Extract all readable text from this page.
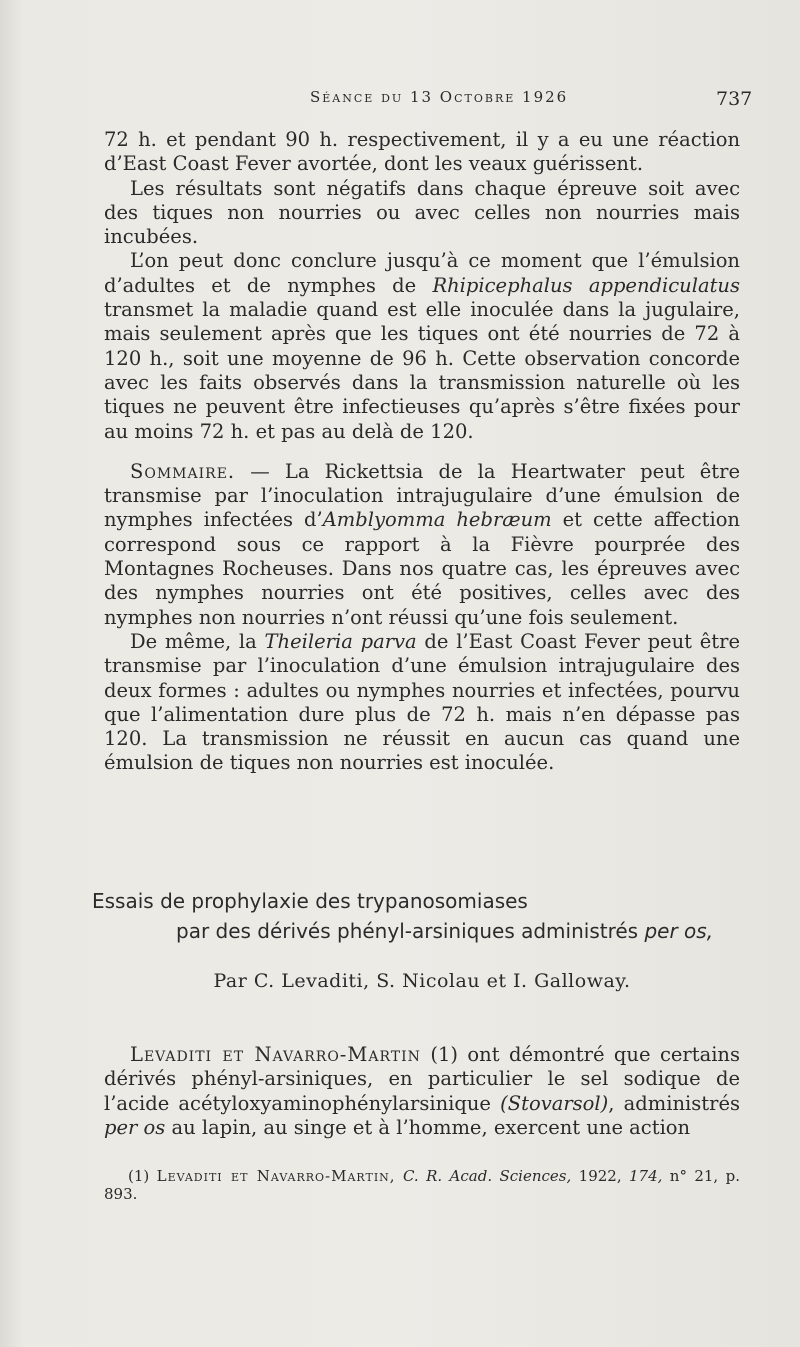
Séance du 13 Octobre 1926	737

72 h. et pendant 90 h. respectivement, il y a eu une réaction d’East Coast Fever avortée, dont les veaux guérissent.

Les résultats sont négatifs dans chaque épreuve soit avec des tiques non nourries ou avec celles non nourries mais incubées.

L’on peut donc conclure jusqu’à ce moment que l’émulsion d’adultes et de nymphes de Rhipicephalus appendiculatus transmet la maladie quand est elle inoculée dans la jugulaire, mais seulement après que les tiques ont été nourries de 72 à 120 h., soit une moyenne de 96 h. Cette observation concorde avec les faits observés dans la transmission naturelle où les tiques ne peuvent être infectieuses qu’après s’être fixées pour au moins 72 h. et pas au delà de 120.

Sommaire. — La Rickettsia de la Heartwater peut être transmise par l’inoculation intrajugulaire d’une émulsion de nymphes infectées d’Amblyomma hebræum et cette affection correspond sous ce rapport à la Fièvre pourprée des Montagnes Rocheuses. Dans nos quatre cas, les épreuves avec des nymphes nourries ont été positives, celles avec des nymphes non nourries n’ont réussi qu’une fois seulement.

De même, la Theileria parva de l’East Coast Fever peut être transmise par l’inoculation d’une émulsion intrajugulaire des deux formes : adultes ou nymphes nourries et infectées, pourvu que l’alimentation dure plus de 72 h. mais n’en dépasse pas 120. La transmission ne réussit en aucun cas quand une émulsion de tiques non nourries est inoculée.

Essais de prophylaxie des trypanosomiases
par des dérivés phényl-arsiniques administrés per os,
Par C. Levaditi, S. Nicolau et I. Galloway.

Levaditi et Navarro-Martin (1) ont démontré que certains dérivés phényl-arsiniques, en particulier le sel sodique de l’acide acétyloxyaminophénylarsinique (Stovarsol), administrés per os au lapin, au singe et à l’homme, exercent une action

(1) Levaditi et Navarro-Martin, C. R. Acad. Sciences, 1922, 174, n° 21, p. 893.
